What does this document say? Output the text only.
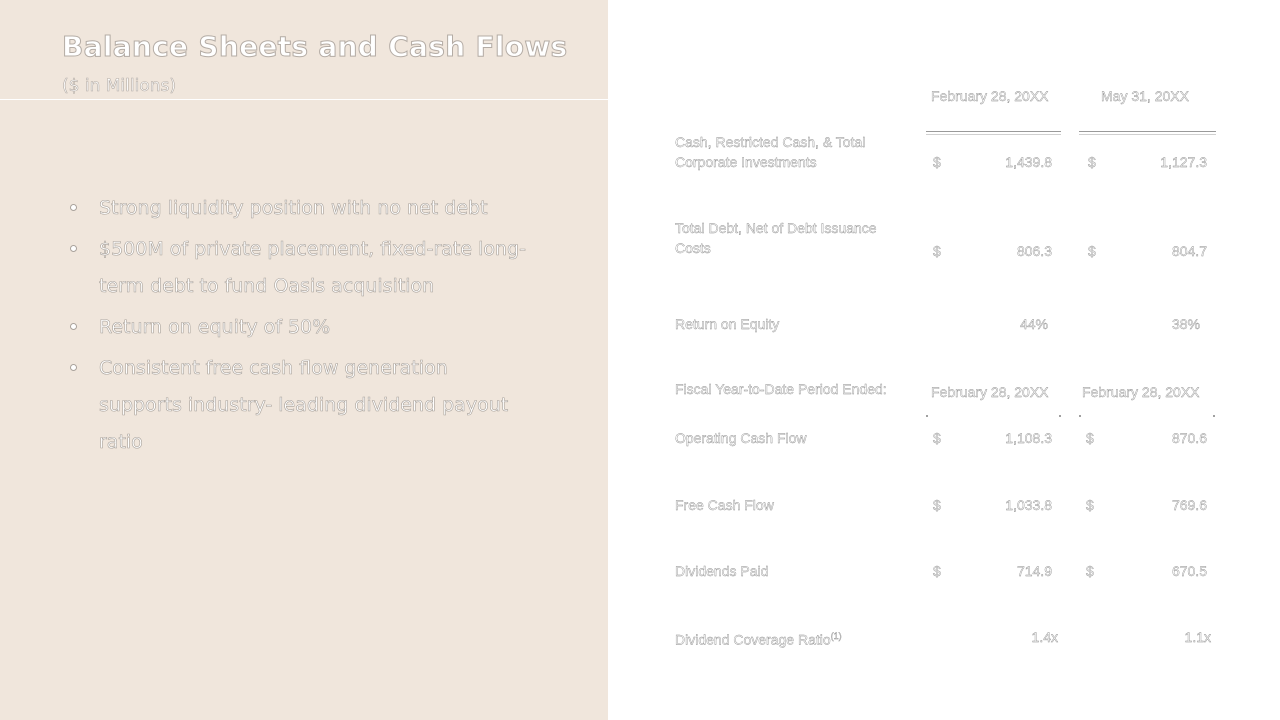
Balance Sheets and Cash Flows
($ in Millions)
Strong liquidity position with no net debt
$500M of private placement, fixed-rate long-term debt to fund Oasis acquisition
Return on equity of 50%
Consistent free cash flow generation supports industry- leading dividend payout ratio
February 28, 20XX	May 31, 20XX
Cash, Restricted Cash, & Total Corporate Investments	$	1,439.8	$	1,127.3
Total Debt, Net of Debt Issuance Costs	$	806.3	$	804.7
Return on Equity	44%	38%
Fiscal Year-to-Date Period Ended:	February 28, 20XX February 28, 20XX
Operating Cash Flow	$	1,108.3 $	870.6
Free Cash Flow	$	1,033.8 $	769.6
Dividends Paid	$	714.9 $	670.5
Dividend Coverage Ratio$^{(1)}$	1.4x	1.1x
